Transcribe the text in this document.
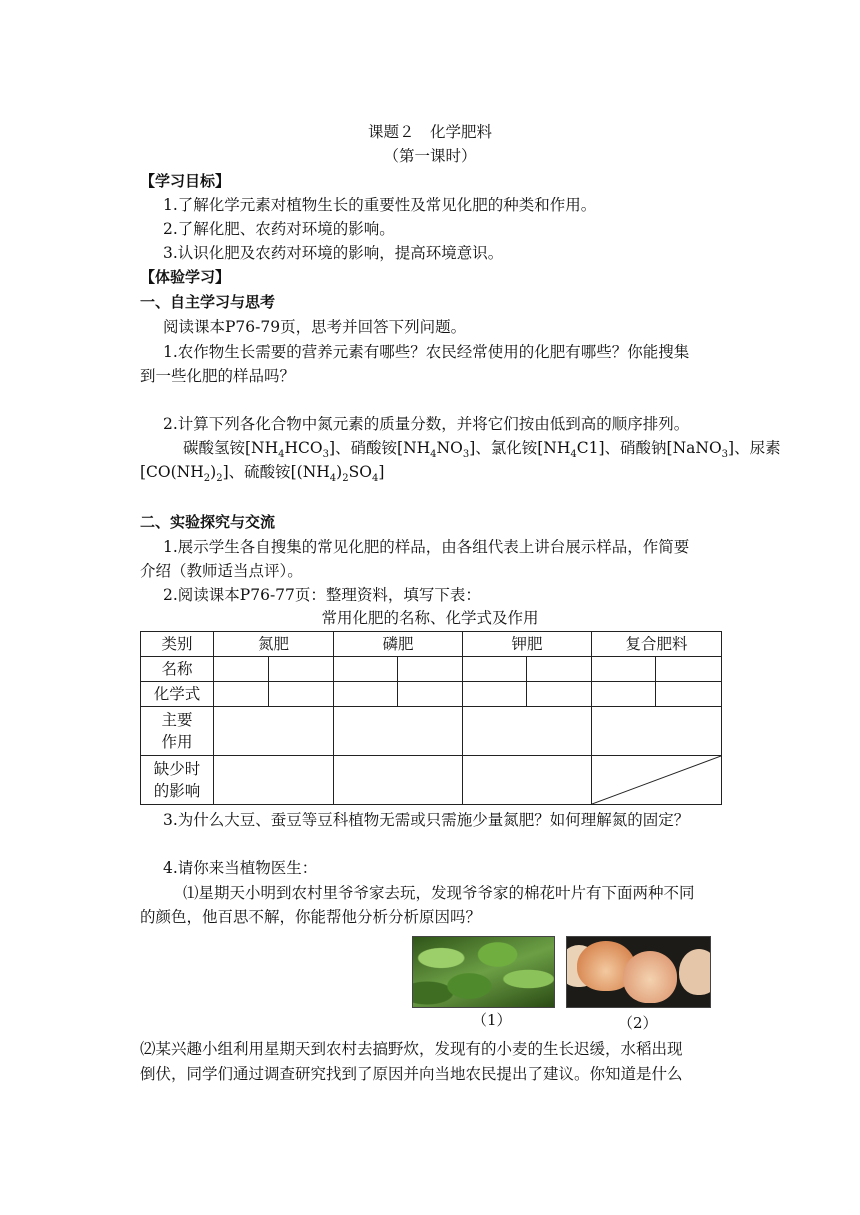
课题２　化学肥料
（第一课时）
【学习目标】
1.了解化学元素对植物生长的重要性及常见化肥的种类和作用。
2.了解化肥、农药对环境的影响。
3.认识化肥及农药对环境的影响，提高环境意识。
【体验学习】
一、自主学习与思考
阅读课本P76-79页，思考并回答下列问题。
1.农作物生长需要的营养元素有哪些？农民经常使用的化肥有哪些？你能搜集
到一些化肥的样品吗？
2.计算下列各化合物中氮元素的质量分数，并将它们按由低到高的顺序排列。
碳酸氢铵$[NH_4HCO_3]$、硝酸铵$[NH_4NO_3]$、氯化铵$[NH_4C1]$、硝酸钠[NaNO$_3$]、尿素
$[CO(NH_2)_2]$、硫酸铵$[(NH_4)_2SO_4]$
二、实验探究与交流
1.展示学生各自搜集的常见化肥的样品，由各组代表上讲台展示样品，作简要
介绍（教师适当点评）。
2.阅读课本P76-77页：整理资料，填写下表：
常用化肥的名称、化学式及作用
类别	氮肥		磷肥		钾肥		复合肥料	
名称								
化学式								

主要
作用								

缺少时
的影响

3.为什么大豆、蚕豆等豆科植物无需或只需施少量氮肥？如何理解氮的固定？
4.请你来当植物医生：
⑴星期天小明到农村里爷爷家去玩，发现爷爷家的棉花叶片有下面两种不同
的颜色，他百思不解，你能帮他分析分析原因吗？
（1）	（2）
⑵某兴趣小组利用星期天到农村去搞野炊，发现有的小麦的生长迟缓，水稻出现
倒伏，同学们通过调查研究找到了原因并向当地农民提出了建议。你知道是什么
